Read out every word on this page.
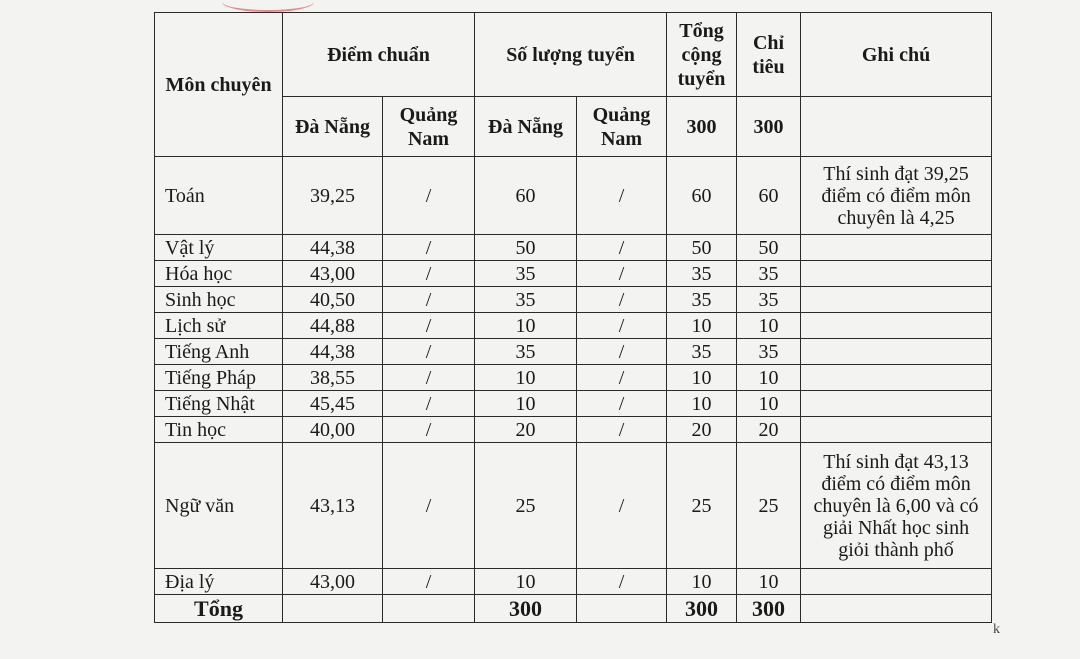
Môn chuyên	Điểm chuẩn		Số lượng tuyển		Tổng cộng tuyển	Chỉ tiêu	Ghi chú
	Đà Nẵng	Quảng Nam	Đà Nẵng	Quảng Nam	300	300	
Toán	39,25	/	60	/	60	60	Thí sinh đạt 39,25 điểm có điểm môn chuyên là 4,25
Vật lý	44,38	/	50	/	50	50	
Hóa học	43,00	/	35	/	35	35	
Sinh học	40,50	/	35	/	35	35	
Lịch sử	44,88	/	10	/	10	10	
Tiếng Anh	44,38	/	35	/	35	35	
Tiếng Pháp	38,55	/	10	/	10	10	
Tiếng Nhật	45,45	/	10	/	10	10	
Tin học	40,00	/	20	/	20	20	
Ngữ văn	43,13	/	25	/	25	25	Thí sinh đạt 43,13 điểm có điểm môn chuyên là 6,00 và có giải Nhất học sinh giỏi thành phố
Địa lý	43,00	/	10	/	10	10	
Tổng			300		300	300	
k
